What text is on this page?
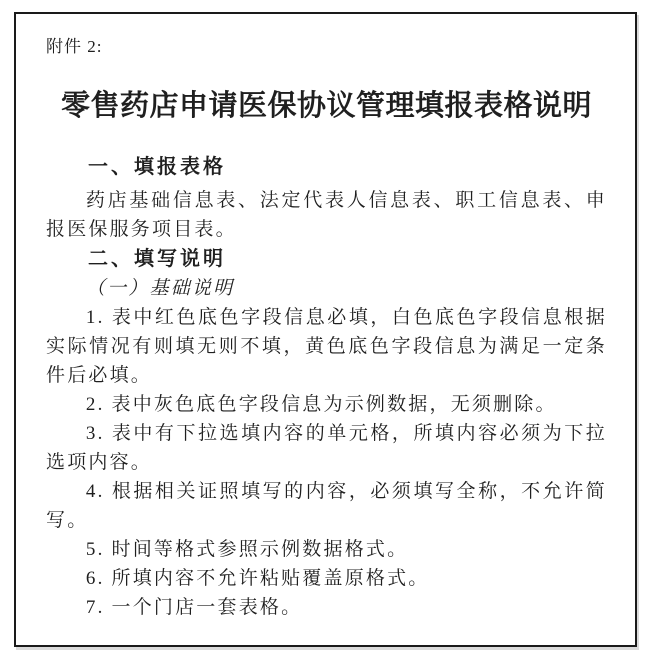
附件 2:
零售药店申请医保协议管理填报表格说明
一、填报表格

药店基础信息表、法定代表人信息表、职工信息表、申报医保服务项目表。

二、填写说明

（一）基础说明

1. 表中红色底色字段信息必填，白色底色字段信息根据实际情况有则填无则不填，黄色底色字段信息为满足一定条件后必填。

2. 表中灰色底色字段信息为示例数据，无须删除。

3. 表中有下拉选填内容的单元格，所填内容必须为下拉选项内容。

4. 根据相关证照填写的内容，必须填写全称，不允许简写。

5. 时间等格式参照示例数据格式。

6. 所填内容不允许粘贴覆盖原格式。

7. 一个门店一套表格。
